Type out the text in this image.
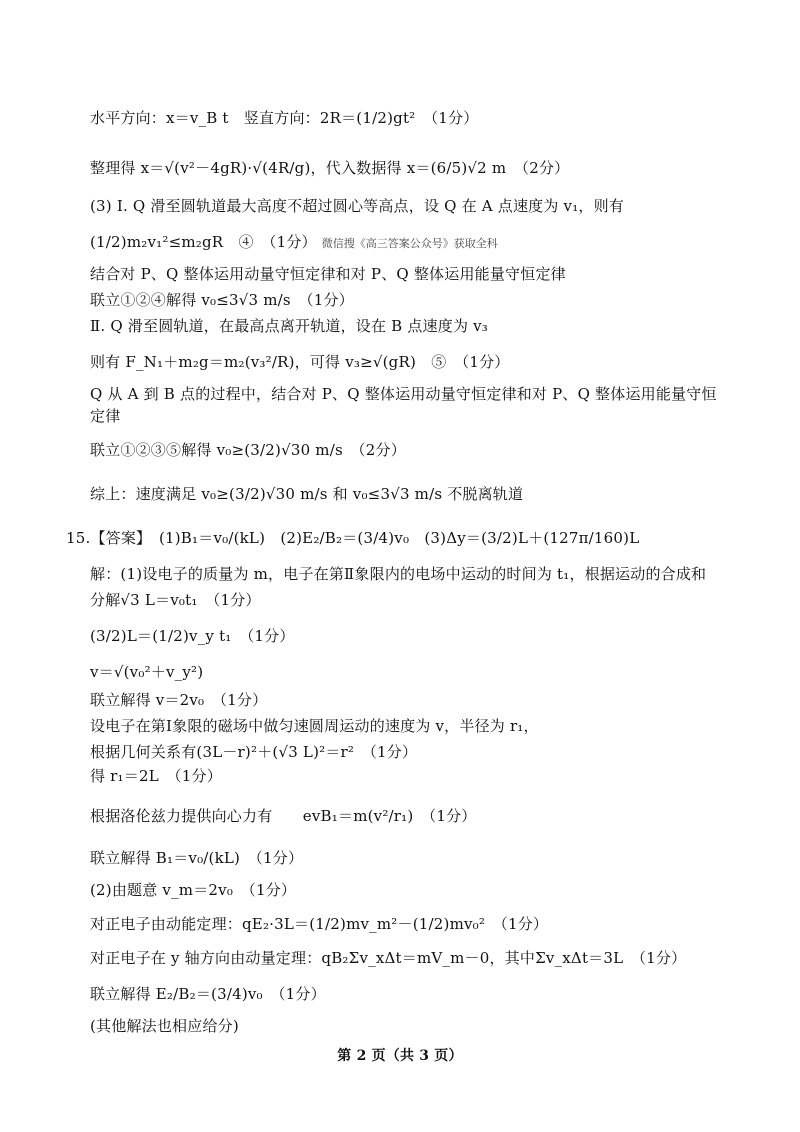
水平方向：x＝v_B t　竖直方向：2R＝(1/2)gt²　（1分）
整理得 x＝√(v²－4gR)·√(4R/g)，代入数据得 x＝(6/5)√2 m　（2分）
(3) Ⅰ. Q 滑至圆轨道最大高度不超过圆心等高点，设 Q 在 A 点速度为 v₁，则有
(1/2)m₂v₁²≤m₂gR　④　（1分） 微信搜《高三答案公众号》获取全科
结合对 P、Q 整体运用动量守恒定律和对 P、Q 整体运用能量守恒定律
联立①②④解得 v₀≤3√3 m/s　（1分）
Ⅱ. Q 滑至圆轨道，在最高点离开轨道，设在 B 点速度为 v₃
则有 F_N₁＋m₂g＝m₂(v₃²/R)，可得 v₃≥√(gR)　⑤　（1分）
Q 从 A 到 B 点的过程中，结合对 P、Q 整体运用动量守恒定律和对 P、Q 整体运用能量守恒
定律
联立①②③⑤解得 v₀≥(3/2)√30 m/s　（2分）
综上：速度满足 v₀≥(3/2)√30 m/s 和 v₀≤3√3 m/s 不脱离轨道
15.【答案】　(1)B₁＝v₀/(kL)　(2)E₂/B₂＝(3/4)v₀　(3)Δy＝(3/2)L＋(127π/160)L
解：(1)设电子的质量为 m，电子在第Ⅱ象限内的电场中运动的时间为 t₁，根据运动的合成和
分解√3 L＝v₀t₁　（1分）
(3/2)L＝(1/2)v_y t₁　（1分）
v＝√(v₀²＋v_y²)
联立解得 v＝2v₀　（1分）
设电子在第Ⅰ象限的磁场中做匀速圆周运动的速度为 v，半径为 r₁，
根据几何关系有(3L－r)²＋(√3 L)²＝r²　（1分）
得 r₁＝2L　（1分）
根据洛伦兹力提供向心力有　　evB₁＝m(v²/r₁)　（1分）
联立解得 B₁＝v₀/(kL)　（1分）
(2)由题意 v_m＝2v₀　（1分）
对正电子由动能定理：qE₂·3L＝(1/2)mv_m²－(1/2)mv₀²　（1分）
对正电子在 y 轴方向由动量定理：qB₂Σv_xΔt＝mV_m－0，其中Σv_xΔt＝3L　（1分）
联立解得 E₂/B₂＝(3/4)v₀　（1分）
(其他解法也相应给分)
第 2 页（共 3 页）
